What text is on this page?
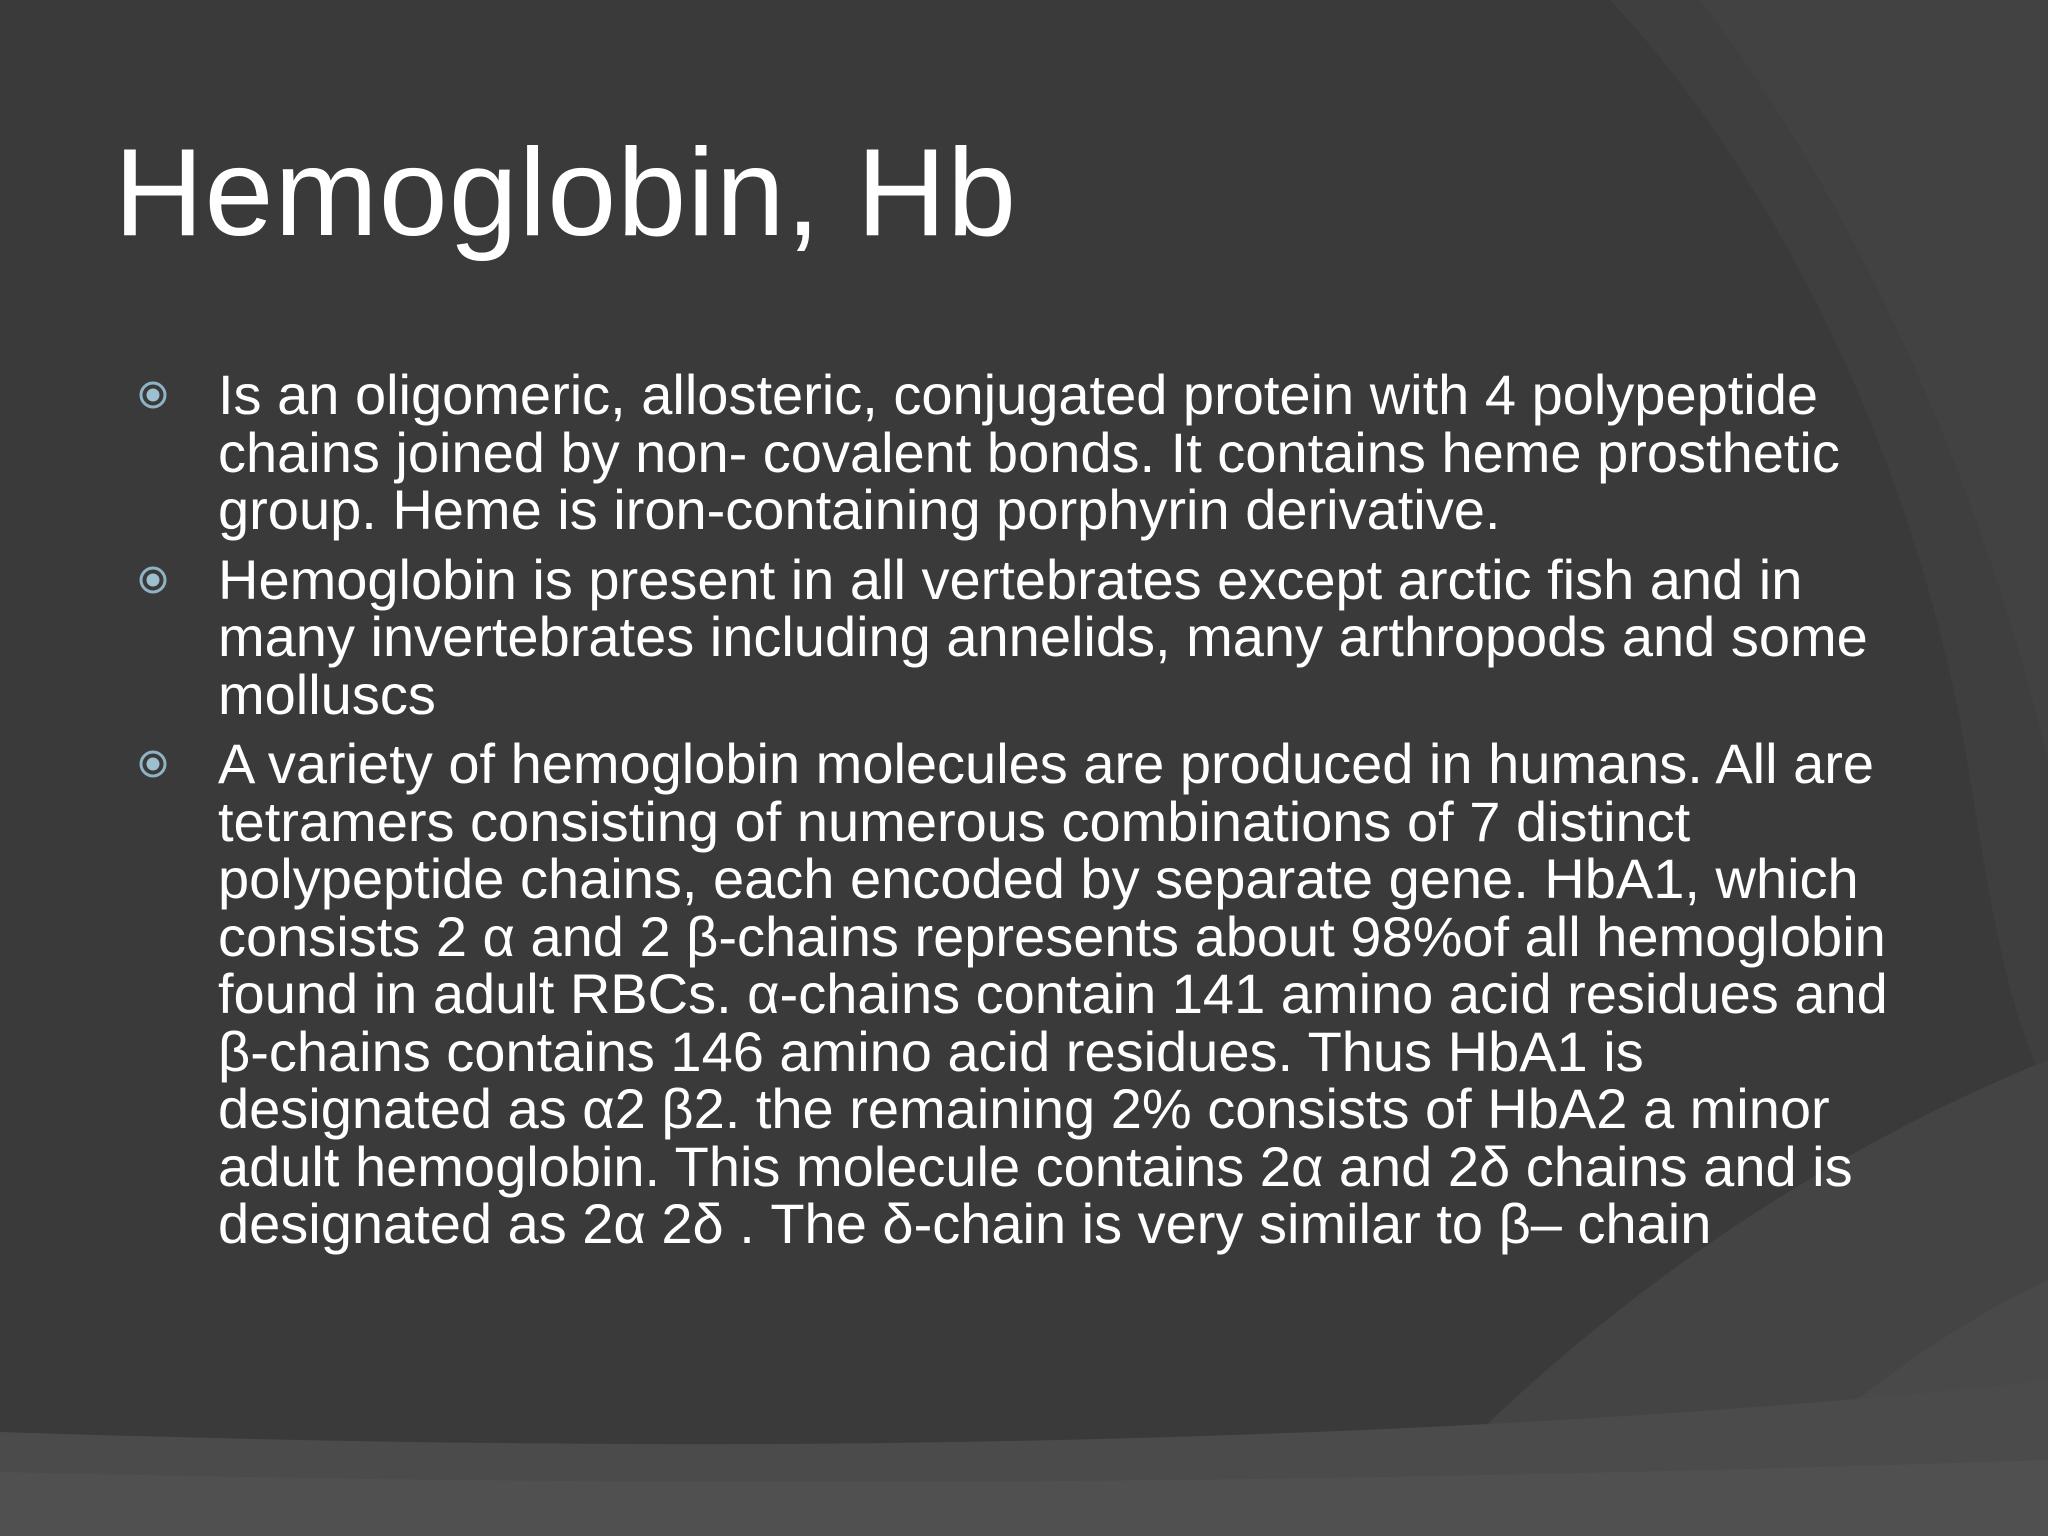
Hemoglobin, Hb
Is an oligomeric, allosteric, conjugated protein with 4 polypeptide chains joined by non- covalent bonds. It contains heme prosthetic group. Heme is iron-containing porphyrin derivative.
Hemoglobin is present in all vertebrates except arctic fish and in many invertebrates including annelids, many arthropods and some molluscs
A variety of hemoglobin molecules are produced in humans. All are tetramers consisting of numerous combinations of 7 distinct polypeptide chains, each encoded by separate gene. HbA1, which consists 2 α and 2 β-chains represents about 98%of all hemoglobin found in adult RBCs. α-chains contain 141 amino acid residues and β-chains contains 146 amino acid residues. Thus HbA1 is designated as α2 β2. the remaining 2% consists of HbA2 a minor adult hemoglobin. This molecule contains 2α and 2δ chains and is designated as 2α 2δ . The δ-chain is very similar to β– chain
